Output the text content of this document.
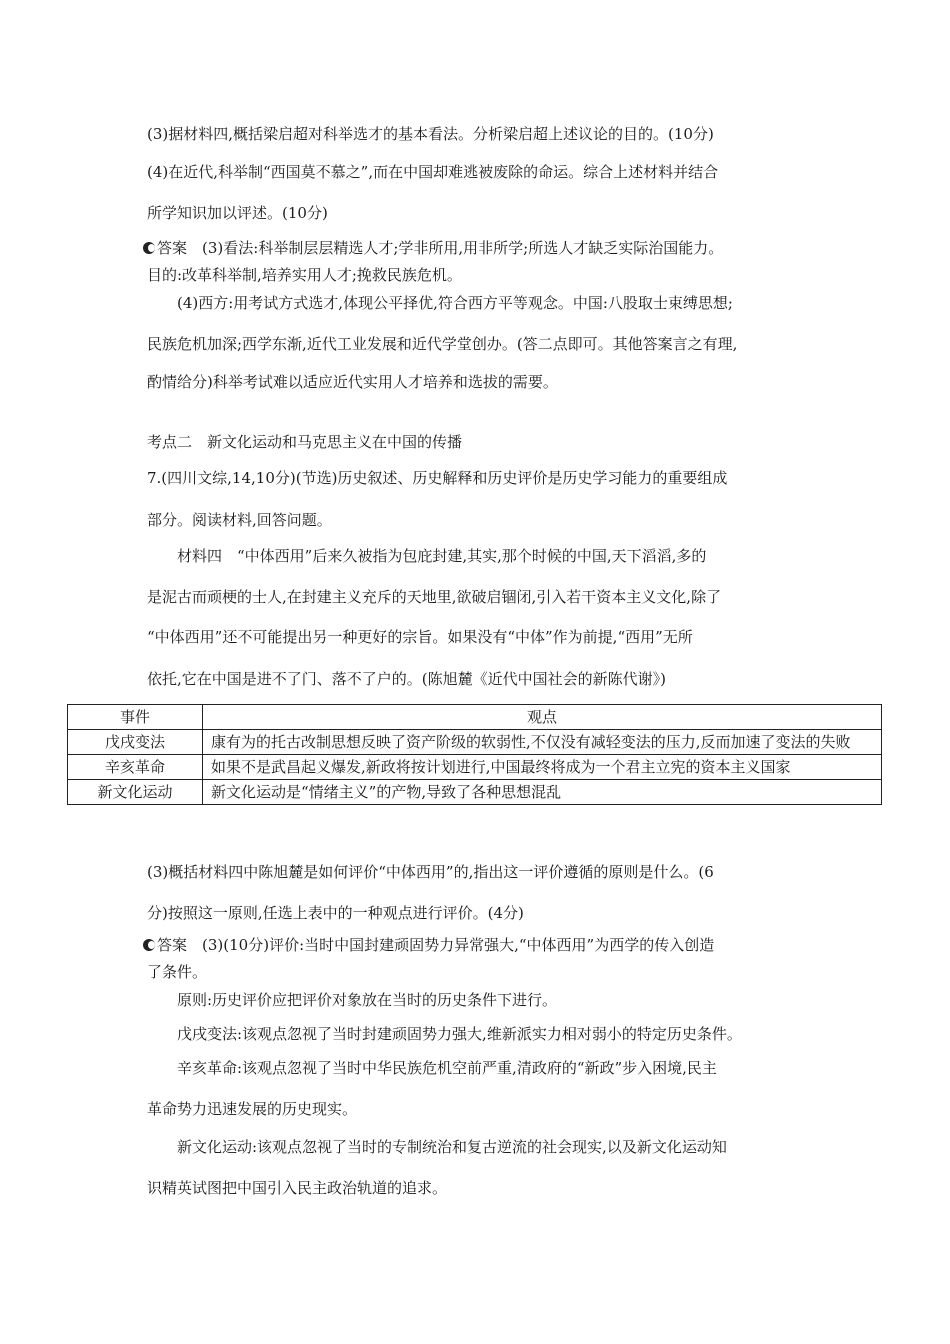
(3)据材料四,概括梁启超对科举选才的基本看法。分析梁启超上述议论的目的。(10分)
(4)在近代,科举制“西国莫不慕之”,而在中国却难逃被废除的命运。综合上述材料并结合
所学知识加以评述。(10分)
答案　 (3)看法:科举制层层精选人才;学非所用,用非所学;所选人才缺乏实际治国能力。
目的:改革科举制,培养实用人才;挽救民族危机。
(4)西方:用考试方式选才,体现公平择优,符合西方平等观念。中国:八股取士束缚思想;
民族危机加深;西学东渐,近代工业发展和近代学堂创办。(答二点即可。其他答案言之有理,
酌情给分)科举考试难以适应近代实用人才培养和选拔的需要。
考点二　新文化运动和马克思主义在中国的传播
7.(四川文综,14,10分)(节选)历史叙述、历史解释和历史评价是历史学习能力的重要组成
部分。阅读材料,回答问题。
材料四　“中体西用”后来久被指为包庇封建,其实,那个时候的中国,天下滔滔,多的
是泥古而顽梗的士人,在封建主义充斥的天地里,欲破启锢闭,引入若干资本主义文化,除了
“中体西用”还不可能提出另一种更好的宗旨。如果没有“中体”作为前提,“西用”无所
依托,它在中国是进不了门、落不了户的。(陈旭麓《近代中国社会的新陈代谢》)
事件	观点
戊戌变法	康有为的托古改制思想反映了资产阶级的软弱性,不仅没有减轻变法的压力,反而加速了变法的失败
辛亥革命	如果不是武昌起义爆发,新政将按计划进行,中国最终将成为一个君主立宪的资本主义国家
新文化运动	新文化运动是“情绪主义”的产物,导致了各种思想混乱
(3)概括材料四中陈旭麓是如何评价“中体西用”的,指出这一评价遵循的原则是什么。(6
分)按照这一原则,任选上表中的一种观点进行评价。(4分)
答案　 (3)(10分)评价:当时中国封建顽固势力异常强大,“中体西用”为西学的传入创造
了条件。
原则:历史评价应把评价对象放在当时的历史条件下进行。
戊戌变法:该观点忽视了当时封建顽固势力强大,维新派实力相对弱小的特定历史条件。
辛亥革命:该观点忽视了当时中华民族危机空前严重,清政府的“新政”步入困境,民主
革命势力迅速发展的历史现实。
新文化运动:该观点忽视了当时的专制统治和复古逆流的社会现实,以及新文化运动知
识精英试图把中国引入民主政治轨道的追求。
